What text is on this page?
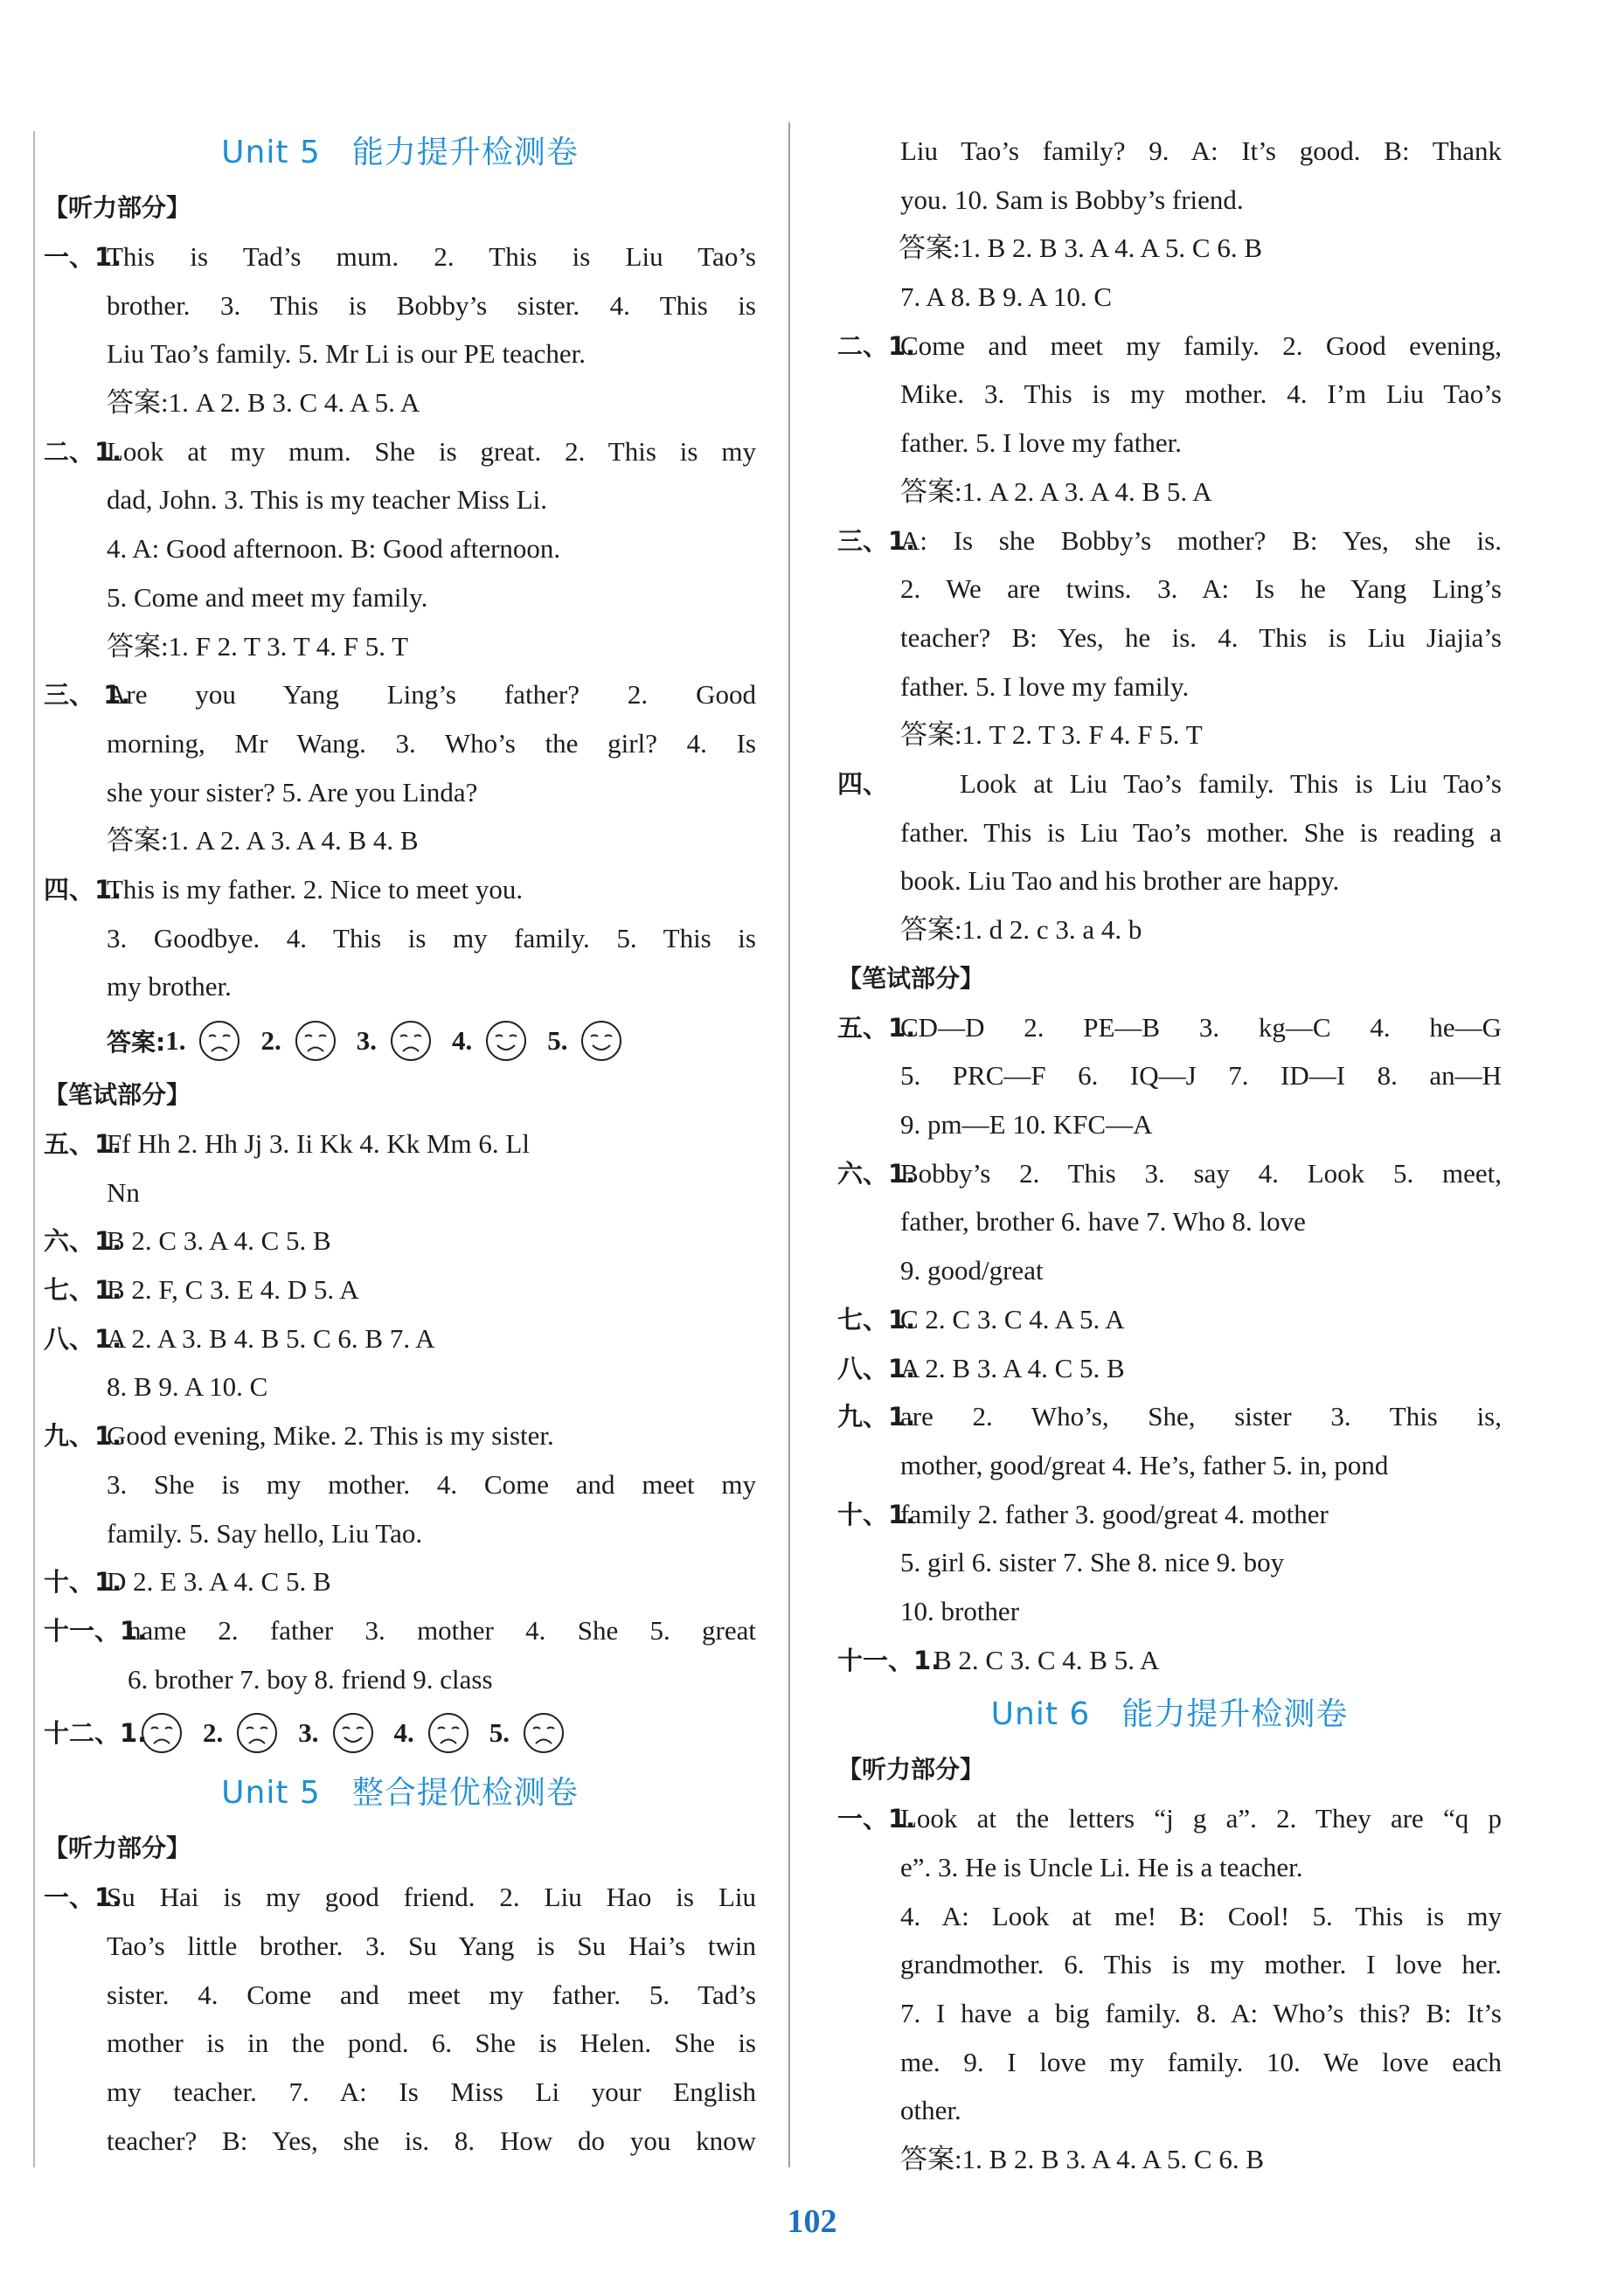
Unit 5 能力提升检测卷
【听力部分】
一、1.
This is Tad’s mum. 2. This is Liu Tao’s
brother. 3. This is Bobby’s sister. 4. This is
Liu Tao’s family. 5. Mr Li is our PE teacher.
答案:1. A 2. B 3. C 4. A 5. A
二、1.
Look at my mum. She is great. 2. This is my
dad, John. 3. This is my teacher Miss Li.
4. A: Good afternoon. B: Good afternoon.
5. Come and meet my family.
答案:1. F 2. T 3. T 4. F 5. T
三、 1.
Are you Yang Ling’s father? 2. Good
morning, Mr Wang. 3. Who’s the girl? 4. Is
she your sister? 5. Are you Linda?
答案:1. A 2. A 3. A 4. B 4. B
四、1.
This is my father. 2. Nice to meet you.
3. Goodbye. 4. This is my family. 5. This is
my brother.
答案: 1.	2.	3.	4.	5.
【笔试部分】
五、1.
Ff Hh 2. Hh Jj 3. Ii Kk 4. Kk Mm 6. Ll
Nn
六、1.
B 2. C 3. A 4. C 5. B
七、1.
B 2. F, C 3. E 4. D 5. A
八、1.
A 2. A 3. B 4. B 5. C 6. B 7. A
8. B 9. A 10. C
九、1.
Good evening, Mike. 2. This is my sister.
3. She is my mother. 4. Come and meet my
family. 5. Say hello, Liu Tao.
十、1.
D 2. E 3. A 4. C 5. B
十一、1.
name 2. father 3. mother 4. She 5. great
6. brother 7. boy 8. friend 9. class
十二、1. 2.	3.	4.	5.
Unit 5 整合提优检测卷
【听力部分】
一、1.
Su Hai is my good friend. 2. Liu Hao is Liu
Tao’s little brother. 3. Su Yang is Su Hai’s twin
sister. 4. Come and meet my father. 5. Tad’s
mother is in the pond. 6. She is Helen. She is
my teacher. 7. A: Is Miss Li your English
teacher? B: Yes, she is. 8. How do you know
Liu Tao’s family? 9. A: It’s good. B: Thank
you. 10. Sam is Bobby’s friend.
答案:1. B 2. B 3. A 4. A 5. C 6. B
7. A 8. B 9. A 10. C
二、1.
Come and meet my family. 2. Good evening,
Mike. 3. This is my mother. 4. I’m Liu Tao’s
father. 5. I love my father.
答案:1. A 2. A 3. A 4. B 5. A
三、1.
A: Is she Bobby’s mother? B: Yes, she is.
2. We are twins. 3. A: Is he Yang Ling’s
teacher? B: Yes, he is. 4. This is Liu Jiajia’s
father. 5. I love my family.
答案:1. T 2. T 3. F 4. F 5. T
四、	Look at Liu Tao’s family. This is Liu Tao’s
father. This is Liu Tao’s mother. She is reading a
book. Liu Tao and his brother are happy.
答案:1. d 2. c 3. a 4. b
【笔试部分】
五、1.
CD—D 2. PE—B 3. kg—C 4. he—G
5. PRC—F 6. IQ—J 7. ID—I 8. an—H
9. pm—E 10. KFC—A
六、1.
Bobby’s 2. This 3. say 4. Look 5. meet,
father, brother 6. have 7. Who 8. love
9. good/great
七、1.
C 2. C 3. C 4. A 5. A
八、1.
A 2. B 3. A 4. C 5. B
九、1.
are 2. Who’s, She, sister 3. This is,
mother, good/great 4. He’s, father 5. in, pond
十、1.
family 2. father 3. good/great 4. mother
5. girl 6. sister 7. She 8. nice 9. boy
10. brother
十一、1.
B 2. C 3. C 4. B 5. A
Unit 6 能力提升检测卷
【听力部分】
一、1.
Look at the letters “j g a”. 2. They are “q p
e”. 3. He is Uncle Li. He is a teacher.
4. A: Look at me! B: Cool! 5. This is my
grandmother. 6. This is my mother. I love her.
7. I have a big family. 8. A: Who’s this? B: It’s
me. 9. I love my family. 10. We love each
other.
答案:1. B 2. B 3. A 4. A 5. C 6. B
102
